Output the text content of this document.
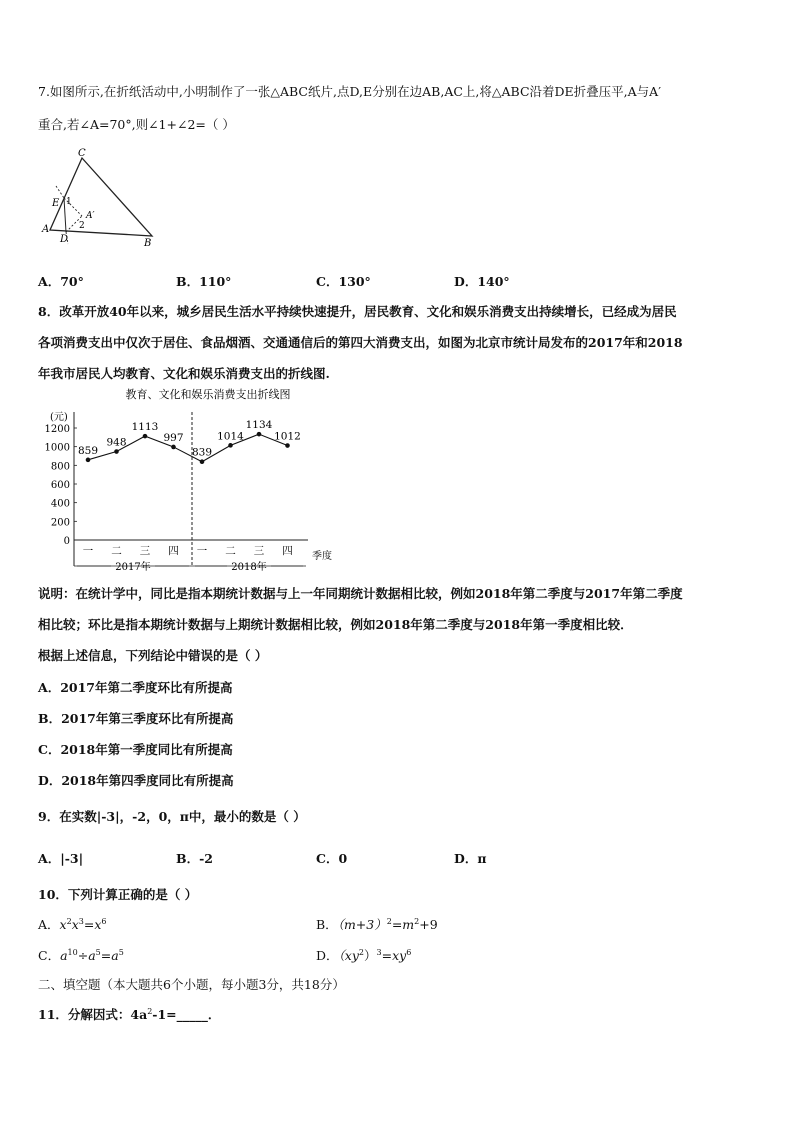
7.如图所示,在折纸活动中,小明制作了一张△ABC纸片,点D,E分别在边AB,AC上,将△ABC沿着DE折叠压平,A与A′
重合,若∠A=70°,则∠1+∠2=（ ）
C
E 1
A′
2
A
D	B
A．70°	B．110°	C．130°	D．140°
8．改革开放40年以来，城乡居民生活水平持续快速提升，居民教育、文化和娱乐消费支出持续增长，已经成为居民
各项消费支出中仅次于居住、食品烟酒、交通通信后的第四大消费支出，如图为北京市统计局发布的2017年和2018
年我市居民人均教育、文化和娱乐消费支出的折线图.
教育、文化和娱乐消费支出折线图
(元)
季度
0
200
400
600
800
1000
1200
859
948
1113
997
839
1014
1134
1012
一 二 三 四 一 二 三 四
2017年	2018年
说明：在统计学中，同比是指本期统计数据与上一年同期统计数据相比较，例如2018年第二季度与2017年第二季度
相比较；环比是指本期统计数据与上期统计数据相比较，例如2018年第二季度与2018年第一季度相比较．
根据上述信息，下列结论中错误的是（ ）
A．2017年第二季度环比有所提高
B．2017年第三季度环比有所提高
C．2018年第一季度同比有所提高
D．2018年第四季度同比有所提高
9．在实数|-3|，-2，0，π中，最小的数是（ ）
A．|-3|	B．-2	C．0	D．π
10．下列计算正确的是（ ）
A．$x^2x^3=x^6$	B．$(m+3)^2=m^2+9$
C．$a^{10}\div a^5=a^5$	D．$(xy^2)^3=xy^6$
二、填空题（本大题共6个小题，每小题3分，共18分）
11．分解因式：$4a^2-1=\_\_\_\_\_$．
